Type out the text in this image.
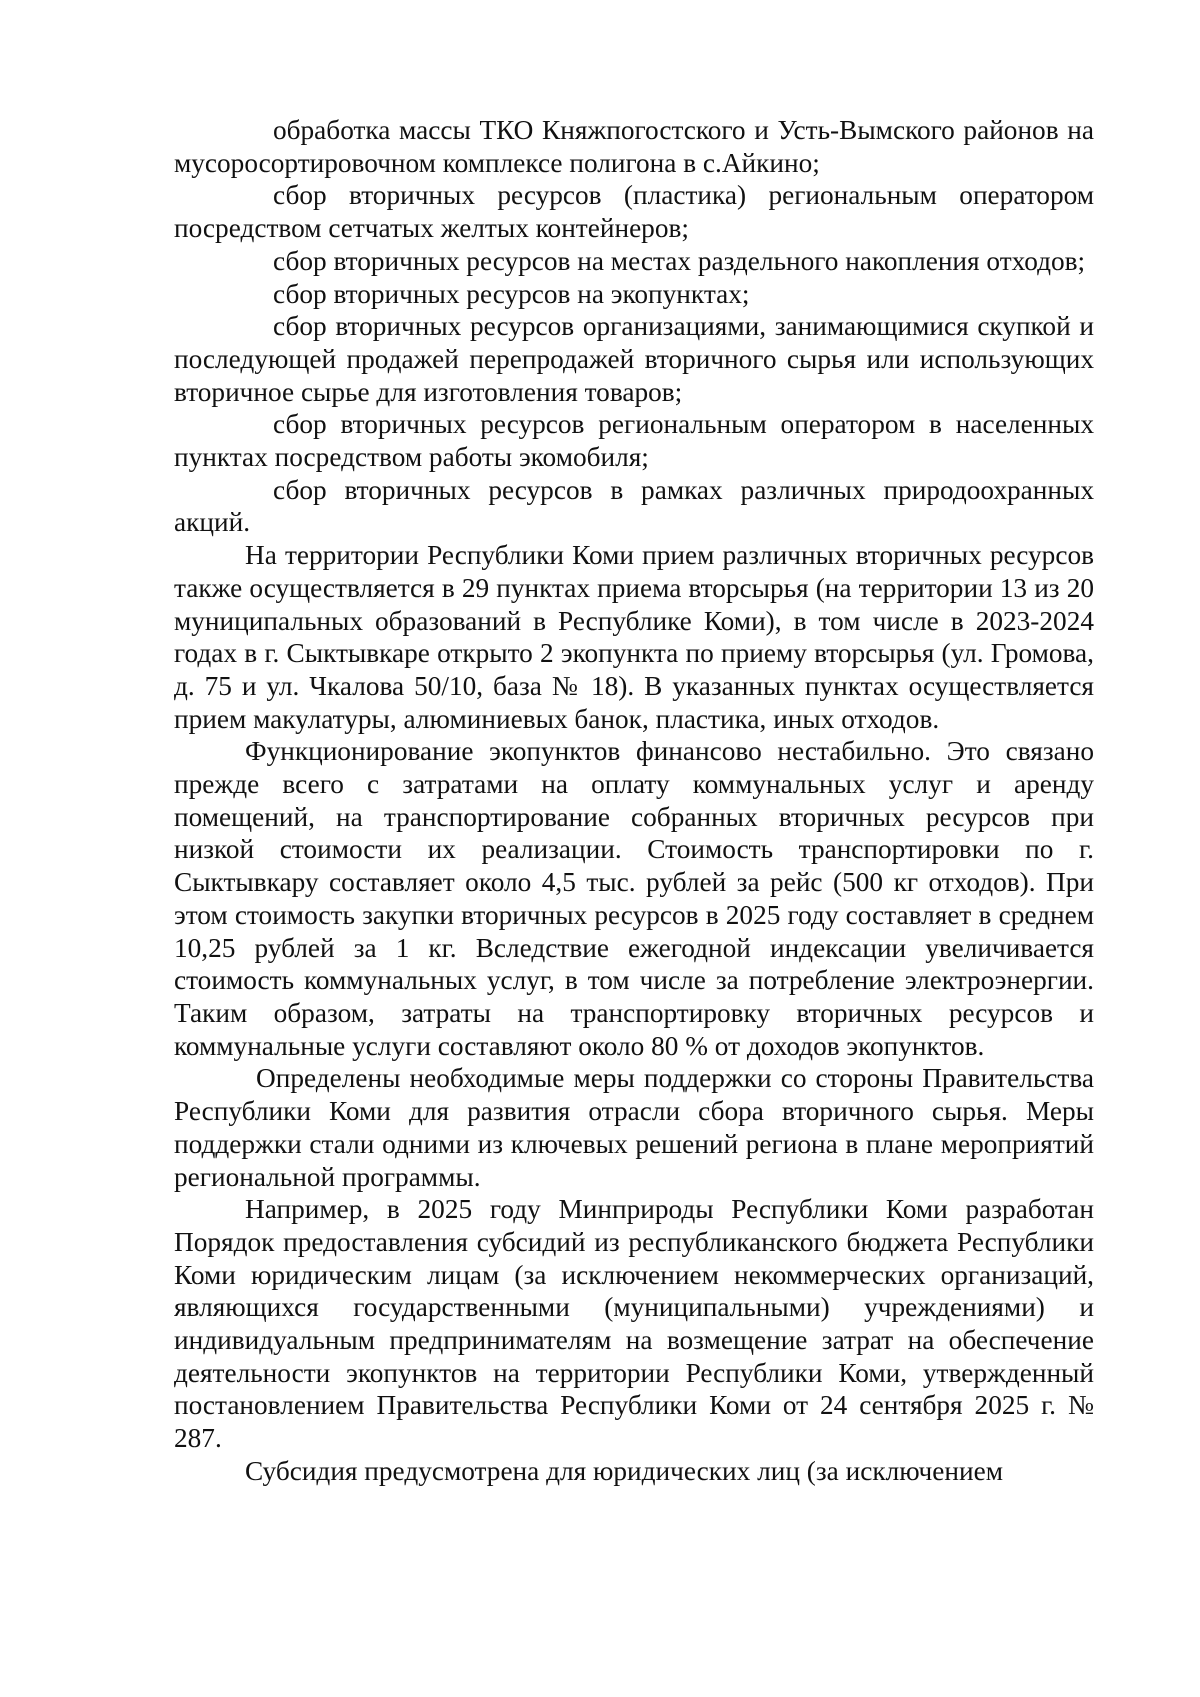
обработка массы ТКО Княжпогостского и Усть-Вымского районов на мусоросортировочном комплексе полигона в с.Айкино;

сбор вторичных ресурсов (пластика) региональным оператором посредством сетчатых желтых контейнеров;

сбор вторичных ресурсов на местах раздельного накопления отходов;

сбор вторичных ресурсов на экопунктах;

сбор вторичных ресурсов организациями, занимающимися скупкой и последующей продажей перепродажей вторичного сырья или использующих вторичное сырье для изготовления товаров;

сбор вторичных ресурсов региональным оператором в населенных пунктах посредством работы экомобиля;

сбор вторичных ресурсов в рамках различных природоохранных акций.

На территории Республики Коми прием различных вторичных ресурсов также осуществляется в 29 пунктах приема вторсырья (на территории 13 из 20 муниципальных образований в Республике Коми), в том числе в 2023-2024 годах в г. Сыктывкаре открыто 2 экопункта по приему вторсырья (ул. Громова, д. 75 и ул. Чкалова 50/10, база № 18). В указанных пунктах осуществляется прием макулатуры, алюминиевых банок, пластика, иных отходов.

Функционирование экопунктов финансово нестабильно. Это связано прежде всего с затратами на оплату коммунальных услуг и аренду помещений, на транспортирование собранных вторичных ресурсов при низкой стоимости их реализации. Стоимость транспортировки по г. Сыктывкару составляет около 4,5 тыс. рублей за рейс (500 кг отходов). При этом стоимость закупки вторичных ресурсов в 2025 году составляет в среднем 10,25 рублей за 1 кг. Вследствие ежегодной индексации увеличивается стоимость коммунальных услуг, в том числе за потребление электроэнергии. Таким образом, затраты на транспортировку вторичных ресурсов и коммунальные услуги составляют около 80 % от доходов экопунктов.

Определены необходимые меры поддержки со стороны Правительства Республики Коми для развития отрасли сбора вторичного сырья. Меры поддержки стали одними из ключевых решений региона в плане мероприятий региональной программы.

Например, в 2025 году Минприроды Республики Коми разработан Порядок предоставления субсидий из республиканского бюджета Республики Коми юридическим лицам (за исключением некоммерческих организаций, являющихся государственными (муниципальными) учреждениями) и индивидуальным предпринимателям на возмещение затрат на обеспечение деятельности экопунктов на территории Республики Коми, утвержденный постановлением Правительства Республики Коми от 24 сентября 2025 г. № 287.

Субсидия предусмотрена для юридических лиц (за исключением
